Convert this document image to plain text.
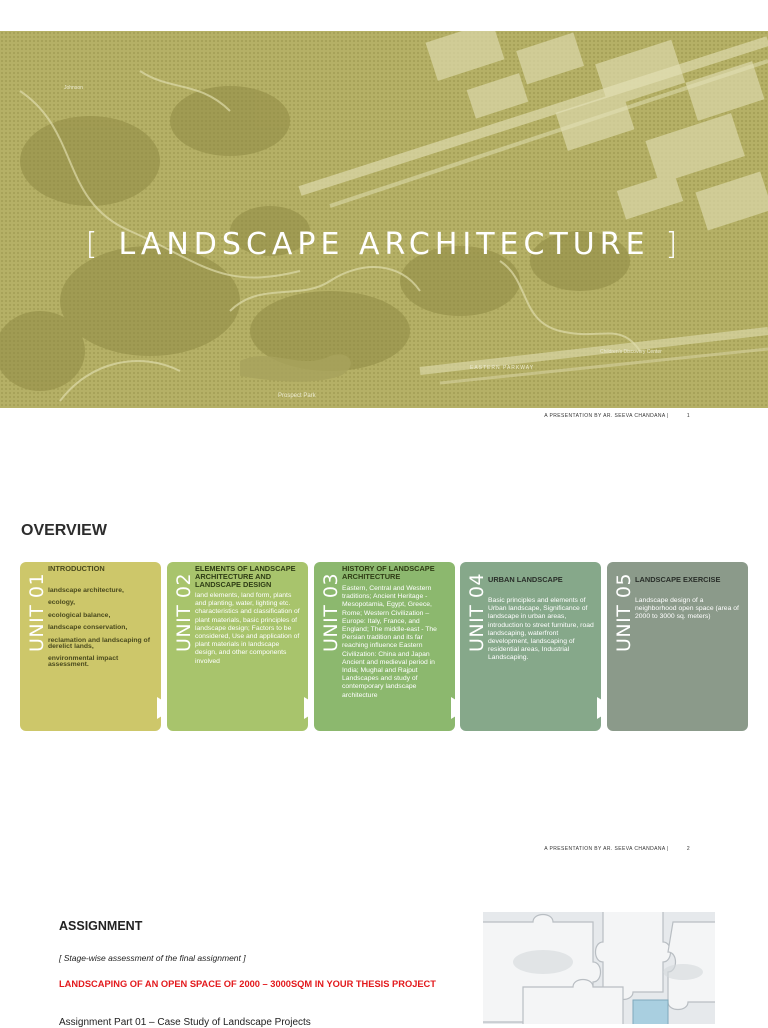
Johnson
Children's Discovery Center
EASTERN PARKWAY
Prospect Park
[ LANDSCAPE ARCHITECTURE ]
A PRESENTATION BY AR. SEEVA CHANDANA |	1
OVERVIEW
UNIT 01
INTRODUCTION
landscape architecture,

ecology,

ecological balance,

landscape conservation,

reclamation and landscaping of derelict lands,

environmental impact assessment.
UNIT 02
ELEMENTS OF LANDSCAPE ARCHITECTURE AND LANDSCAPE DESIGN
land elements, land form, plants and planting, water, lighting etc. characteristics and classification of plant materials, basic principles of landscape design; Factors to be considered, Use and application of plant materials in landscape design, and other components involved
UNIT 03
HISTORY OF LANDSCAPE ARCHITECTURE
Eastern, Central and Western traditions; Ancient Heritage - Mesopotamia, Egypt, Greece, Rome; Western Civilization – Europe: Italy, France, and England; The middle-east - The Persian tradition and its far reaching influence Eastern Civilization: China and Japan Ancient and medieval period in India; Mughal and Rajput Landscapes and study of contemporary landscape architecture
UNIT 04 URBAN LANDSCAPE
Basic principles and elements of Urban landscape, Significance of landscape in urban areas, introduction to street furniture, road landscaping, waterfront development, landscaping of residential areas, Industrial Landscaping.
UNIT 05 LANDSCAPE EXERCISE
Landscape design of a neighborhood open space (area of 2000 to 3000 sq. meters)
A PRESENTATION BY AR. SEEVA CHANDANA |	2
ASSIGNMENT
[ Stage-wise assessment of the final assignment ]
LANDSCAPING OF AN OPEN SPACE OF 2000 – 3000SQM IN YOUR THESIS PROJECT
Assignment Part 01 – Case Study of Landscape Projects
